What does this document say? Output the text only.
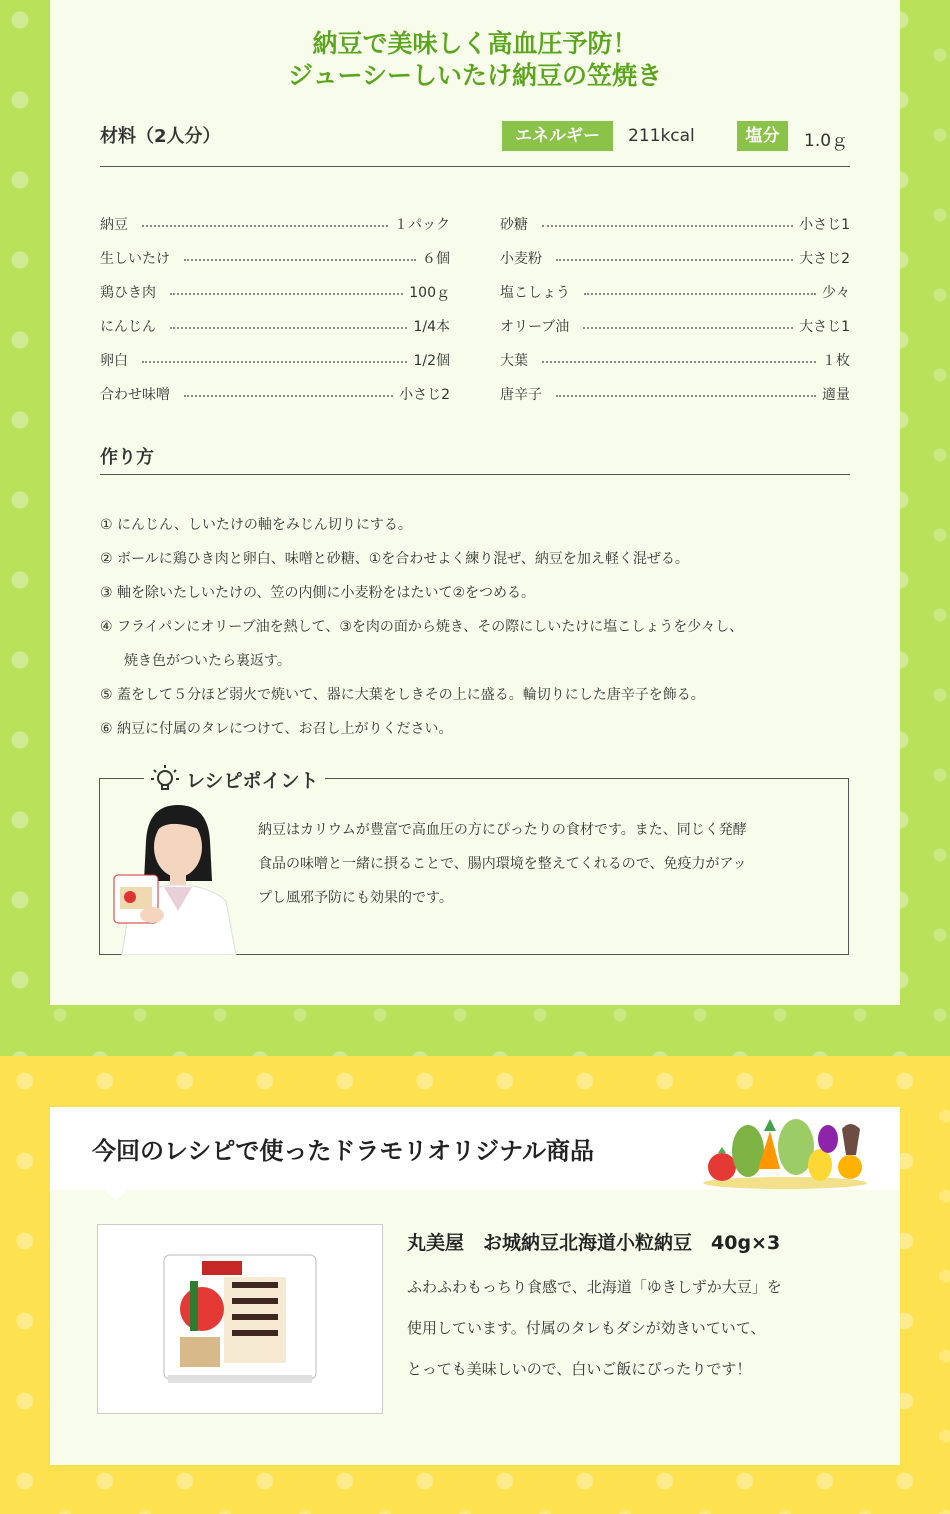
納豆で美味しく高血圧予防！
ジューシーしいたけ納豆の笠焼き
材料（2人分）	エネルギー	211kcal	塩分	1.0ｇ
納豆	１パック
生しいたけ	６個
鶏ひき肉	100ｇ
にんじん	1/4本
卵白	1/2個
合わせ味噌	小さじ2
砂糖	小さじ1
小麦粉	大さじ2
塩こしょう	少々
オリーブ油	大さじ1
大葉	１枚
唐辛子	適量
作り方
① にんじん、しいたけの軸をみじん切りにする。
② ボールに鶏ひき肉と卵白、味噌と砂糖、①を合わせよく練り混ぜ、納豆を加え軽く混ぜる。
③ 軸を除いたしいたけの、笠の内側に小麦粉をはたいて②をつめる。
④ フライパンにオリーブ油を熱して、③を肉の面から焼き、その際にしいたけに塩こしょうを少々し、
焼き色がついたら裏返す。
⑤ 蓋をして５分ほど弱火で焼いて、器に大葉をしきその上に盛る。輪切りにした唐辛子を飾る。
⑥ 納豆に付属のタレにつけて、お召し上がりください。
レシピポイント
納豆はカリウムが豊富で高血圧の方にぴったりの食材です。また、同じく発酵
食品の味噌と一緒に摂ることで、腸内環境を整えてくれるので、免疫力がアッ
プし風邪予防にも効果的です。
今回のレシピで使ったドラモリオリジナル商品
丸美屋　お城納豆北海道小粒納豆　40g×3
ふわふわもっちり食感で、北海道「ゆきしずか大豆」を
使用しています。付属のタレもダシが効きいていて、
とっても美味しいので、白いご飯にぴったりです！
